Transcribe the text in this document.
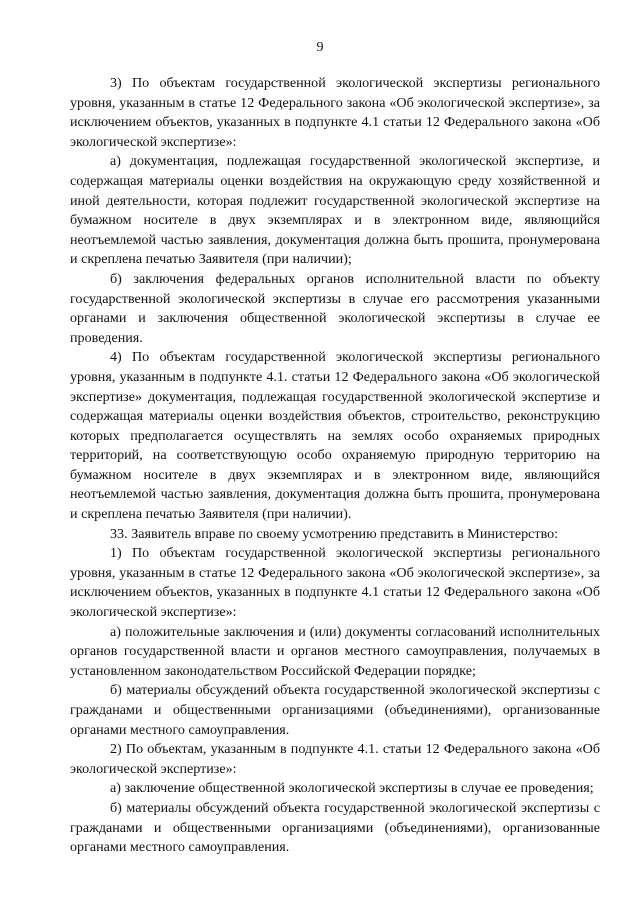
9

3) По объектам государственной экологической экспертизы регионального уровня, указанным в статье 12 Федерального закона «Об экологической экспертизе», за исключением объектов, указанных в подпункте 4.1 статьи 12 Федерального закона «Об экологической экспертизе»:

а) документация, подлежащая государственной экологической экспертизе, и содержащая материалы оценки воздействия на окружающую среду хозяйственной и иной деятельности, которая подлежит государственной экологической экспертизе на бумажном носителе в двух экземплярах и в электронном виде, являющийся неотъемлемой частью заявления, документация должна быть прошита, пронумерована и скреплена печатью Заявителя (при наличии);

б) заключения федеральных органов исполнительной власти по объекту государственной экологической экспертизы в случае его рассмотрения указанными органами и заключения общественной экологической экспертизы в случае ее проведения.

4) По объектам государственной экологической экспертизы регионального уровня, указанным в подпункте 4.1. статьи 12 Федерального закона «Об экологической экспертизе» документация, подлежащая государственной экологической экспертизе и содержащая материалы оценки воздействия объектов, строительство, реконструкцию которых предполагается осуществлять на землях особо охраняемых природных территорий, на соответствующую особо охраняемую природную территорию на бумажном носителе в двух экземплярах и в электронном виде, являющийся неотъемлемой частью заявления, документация должна быть прошита, пронумерована и скреплена печатью Заявителя (при наличии).

33. Заявитель вправе по своему усмотрению представить в Министерство:

1) По объектам государственной экологической экспертизы регионального уровня, указанным в статье 12 Федерального закона «Об экологической экспертизе», за исключением объектов, указанных в подпункте 4.1 статьи 12 Федерального закона «Об экологической экспертизе»:

а) положительные заключения и (или) документы согласований исполнительных органов государственной власти и органов местного самоуправления, получаемых в установленном законодательством Российской Федерации порядке;

б) материалы обсуждений объекта государственной экологической экспертизы с гражданами и общественными организациями (объединениями), организованные органами местного самоуправления.

2) По объектам, указанным в подпункте 4.1. статьи 12 Федерального закона «Об экологической экспертизе»:

а) заключение общественной экологической экспертизы в случае ее проведения;

б) материалы обсуждений объекта государственной экологической экспертизы с гражданами и общественными организациями (объединениями), организованные органами местного самоуправления.
